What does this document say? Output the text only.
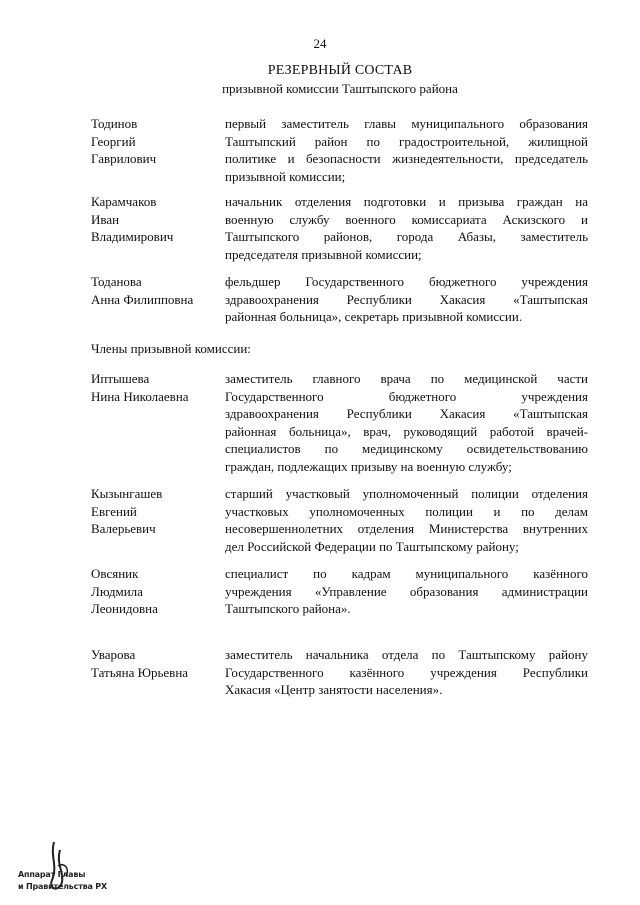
24
РЕЗЕРВНЫЙ СОСТАВ
призывной комиссии Таштыпского района
Тодинов
Георгий
Гаврилович
первый заместитель главы муниципального образования
Таштыпский район по градостроительной, жилищной
политике и безопасности жизнедеятельности, председатель
призывной комиссии;
Карамчаков
Иван
Владимирович
начальник отделения подготовки и призыва граждан на
военную службу военного комиссариата Аскизского и
Таштыпского районов, города Абазы, заместитель
председателя призывной комиссии;
Тоданова
Анна Филипповна
фельдшер Государственного бюджетного учреждения
здравоохранения Республики Хакасия «Таштыпская
районная больница», секретарь призывной комиссии.
Члены призывной комиссии:
Иптышева
Нина Николаевна
заместитель главного врача по медицинской части
Государственного бюджетного учреждения
здравоохранения Республики Хакасия «Таштыпская
районная больница», врач, руководящий работой врачей-
специалистов по медицинскому освидетельствованию
граждан, подлежащих призыву на военную службу;
Кызынгашев
Евгений
Валерьевич
старший участковый уполномоченный полиции отделения
участковых уполномоченных полиции и по делам
несовершеннолетних отделения Министерства внутренних
дел Российской Федерации по Таштыпскому району;
Овсяник
Людмила
Леонидовна
специалист по кадрам муниципального казённого
учреждения «Управление образования администрации
Таштыпского района».
Уварова
Татьяна Юрьевна
заместитель начальника отдела по Таштыпскому району
Государственного казённого учреждения Республики
Хакасия «Центр занятости населения».
Аппарат Главы
и Правительства РХ
